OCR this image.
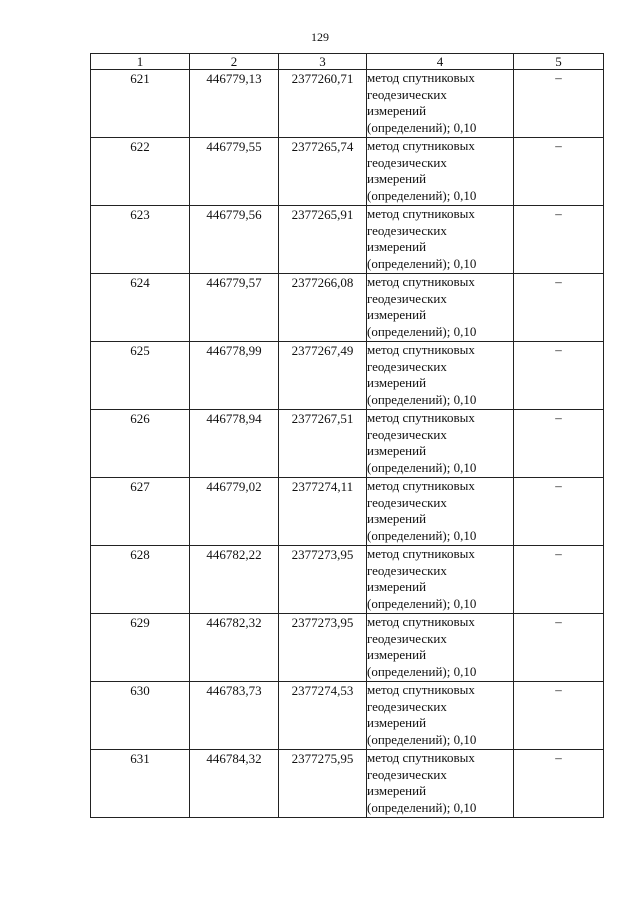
129
1	2	3	4	5
621	446779,13	2377260,71	метод спутниковых
геодезических
измерений
(определений); 0,10	–
622	446779,55	2377265,74	метод спутниковых
геодезических
измерений
(определений); 0,10	–
623	446779,56	2377265,91	метод спутниковых
геодезических
измерений
(определений); 0,10	–
624	446779,57	2377266,08	метод спутниковых
геодезических
измерений
(определений); 0,10	–
625	446778,99	2377267,49	метод спутниковых
геодезических
измерений
(определений); 0,10	–
626	446778,94	2377267,51	метод спутниковых
геодезических
измерений
(определений); 0,10	–
627	446779,02	2377274,11	метод спутниковых
геодезических
измерений
(определений); 0,10	–
628	446782,22	2377273,95	метод спутниковых
геодезических
измерений
(определений); 0,10	–
629	446782,32	2377273,95	метод спутниковых
геодезических
измерений
(определений); 0,10	–
630	446783,73	2377274,53	метод спутниковых
геодезических
измерений
(определений); 0,10	–
631	446784,32	2377275,95	метод спутниковых
геодезических
измерений
(определений); 0,10	–
